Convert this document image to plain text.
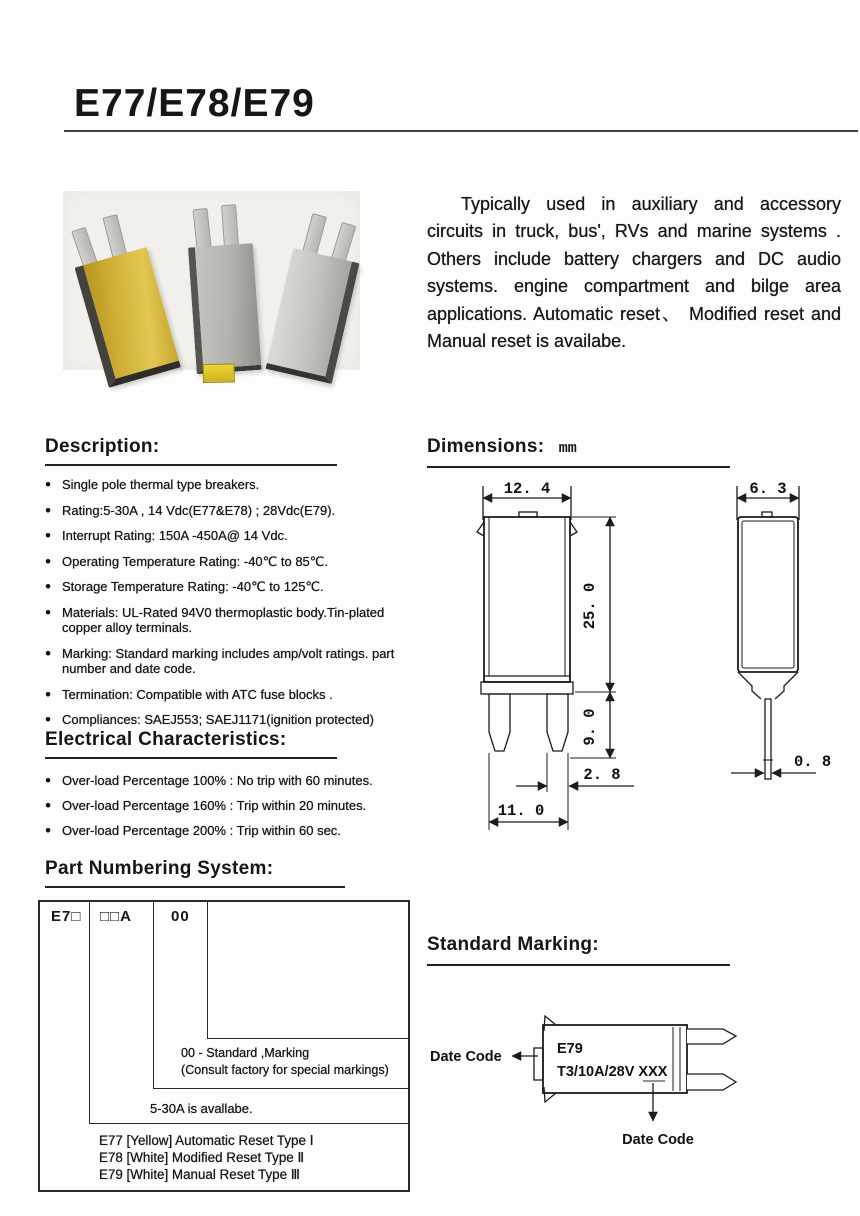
E77/E78/E79
Typically used in auxiliary and accessory circuits in truck, bus', RVs and marine systems . Others include battery chargers and DC audio systems. engine compartment and bilge area applications. Automatic reset、 Modified reset and Manual reset is availabe.
Description:
● Single pole thermal type breakers.
● Rating:5-30A , 14 Vdc(E77&E78) ; 28Vdc(E79).
● Interrupt Rating: 150A -450A@ 14 Vdc.
● Operating Temperature Rating: -40℃ to 85℃.
● Storage Temperature Rating: -40℃ to 125℃.
● Materials: UL-Rated 94V0 thermoplastic body.Tin-plated copper alloy terminals.
● Marking: Standard marking includes amp/volt ratings. part number and date code.
● Termination: Compatible with ATC fuse blocks .
● Compliances: SAEJ553; SAEJ1171(ignition protected)
Electrical Characteristics:
● Over-load Percentage 100% : No trip with 60 minutes.
● Over-load Percentage 160% : Trip within 20 minutes.
● Over-load Percentage 200% : Trip within 60 sec.
Part Numbering System:
E7□ □□A	00
00 - Standard ,Marking
(Consult factory for special markings)
5-30A is avallabe.
E77 [Yellow] Automatic Reset Type Ⅰ
E78 [White] Modified Reset Type Ⅱ
E79 [White] Manual Reset Type Ⅲ
Dimensions: mm
12. 4
25. 0
9. 0
2. 8
11. 0
6. 3
0. 8
Standard Marking:
E79
T3/10A/28V XXX
Date Code
Date Code
